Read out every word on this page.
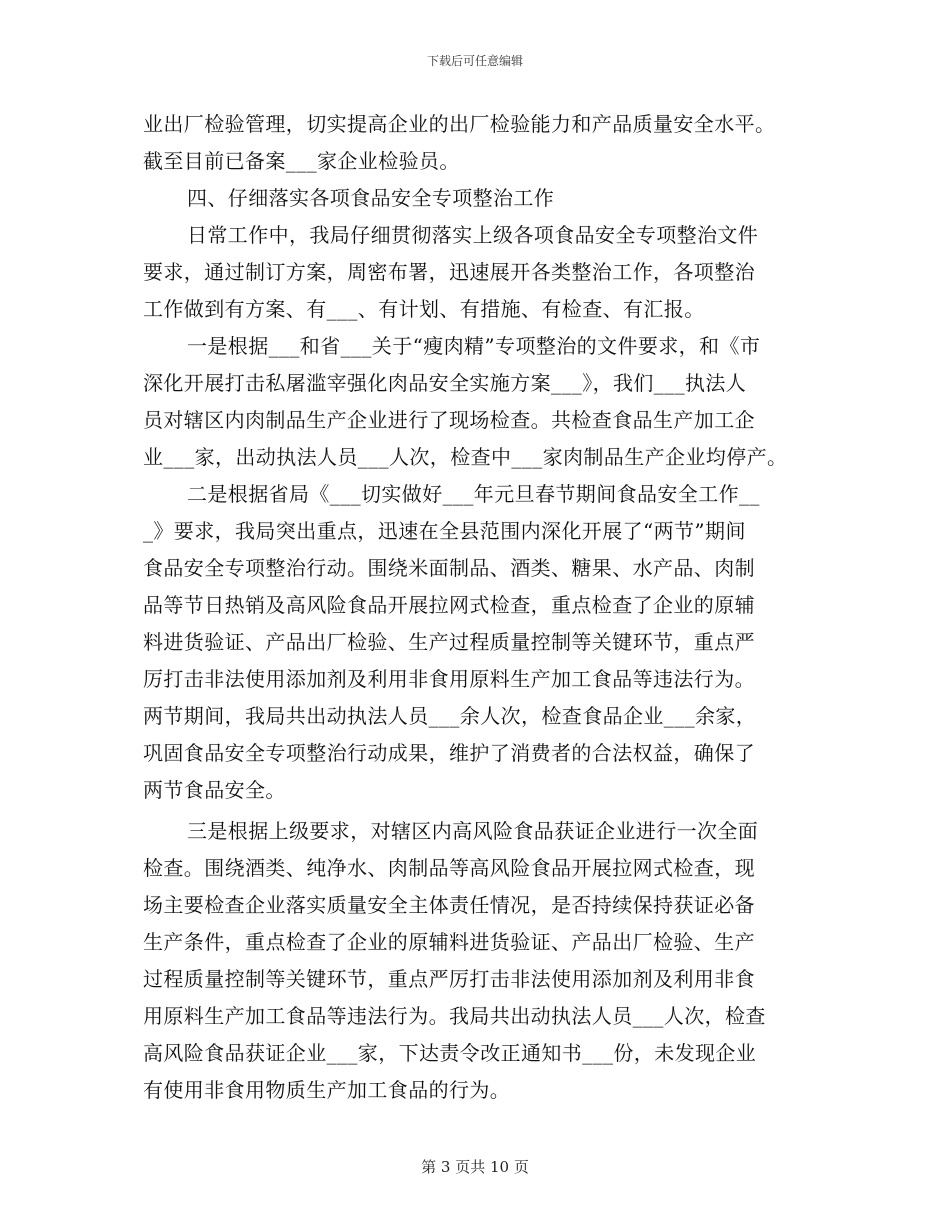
下载后可任意编辑
业出厂检验管理，切实提高企业的出厂检验能力和产品质量安全水平。
截至目前已备案___家企业检验员。
四、仔细落实各项食品安全专项整治工作
日常工作中，我局仔细贯彻落实上级各项食品安全专项整治文件
要求，通过制订方案，周密布署，迅速展开各类整治工作，各项整治
工作做到有方案、有___、有计划、有措施、有检查、有汇报。
一是根据___和省___关于“瘦肉精”专项整治的文件要求，和《市
深化开展打击私屠滥宰强化肉品安全实施方案___》，我们___执法人
员对辖区内肉制品生产企业进行了现场检查。共检查食品生产加工企
业___家，出动执法人员___人次，检查中___家肉制品生产企业均停产。
二是根据省局《___切实做好___年元旦春节期间食品安全工作__
_》要求，我局突出重点，迅速在全县范围内深化开展了“两节”期间
食品安全专项整治行动。围绕米面制品、酒类、糖果、水产品、肉制
品等节日热销及高风险食品开展拉网式检查，重点检查了企业的原辅
料进货验证、产品出厂检验、生产过程质量控制等关键环节，重点严
厉打击非法使用添加剂及利用非食用原料生产加工食品等违法行为。
两节期间，我局共出动执法人员___余人次，检查食品企业___余家，
巩固食品安全专项整治行动成果，维护了消费者的合法权益，确保了
两节食品安全。
三是根据上级要求，对辖区内高风险食品获证企业进行一次全面
检查。围绕酒类、纯净水、肉制品等高风险食品开展拉网式检查，现
场主要检查企业落实质量安全主体责任情况，是否持续保持获证必备
生产条件，重点检查了企业的原辅料进货验证、产品出厂检验、生产
过程质量控制等关键环节，重点严厉打击非法使用添加剂及利用非食
用原料生产加工食品等违法行为。我局共出动执法人员___人次，检查
高风险食品获证企业___家，下达责令改正通知书___份，未发现企业
有使用非食用物质生产加工食品的行为。
第 3 页共 10 页
